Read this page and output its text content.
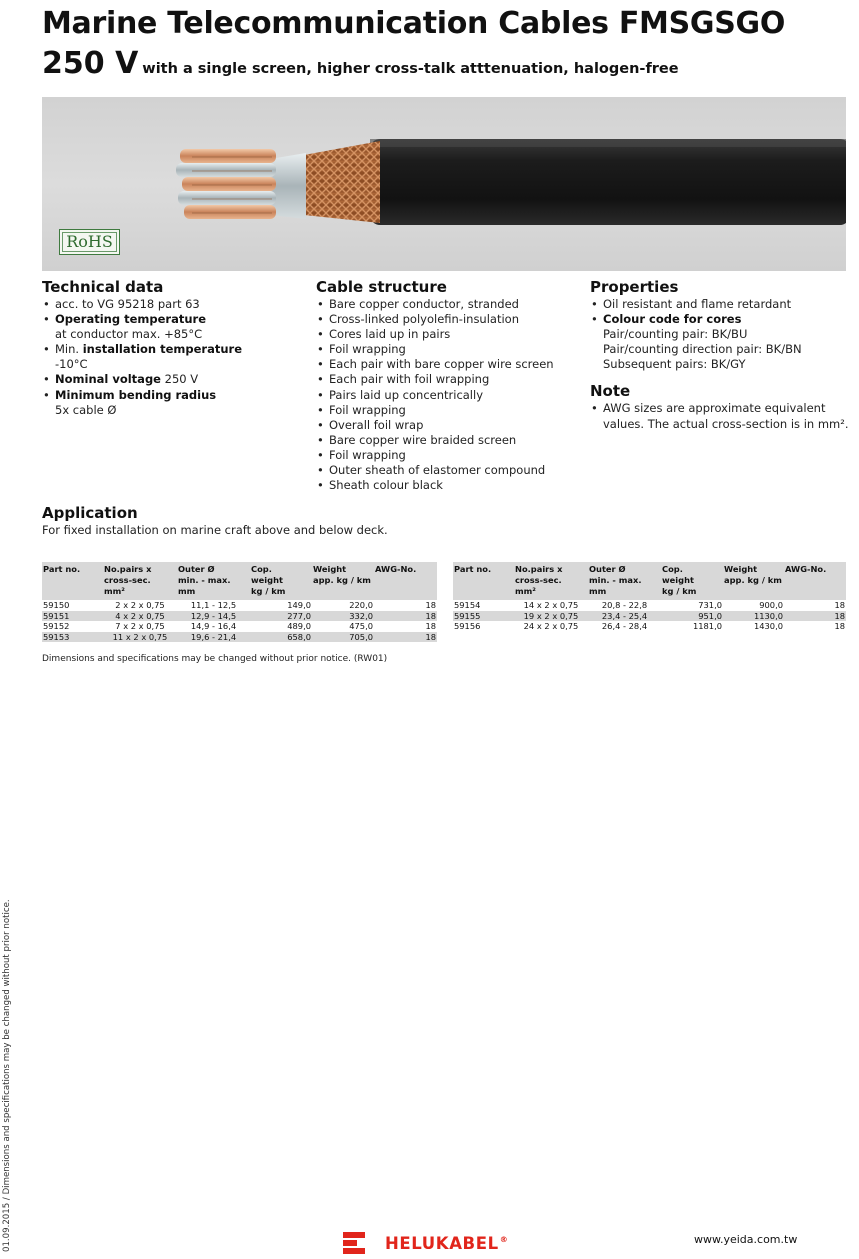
Marine Telecommunication Cables FMSGSGO
250 V with a single screen, higher cross-talk atttenuation, halogen-free
RoHS
Technical data
• acc. to VG 95218 part 63
• Operating temperature
at conductor max. +85°C
• Min. installation temperature
-10°C
• Nominal voltage 250 V
• Minimum bending radius
5x cable Ø
Cable structure
• Bare copper conductor, stranded
• Cross-linked polyolefin-insulation
• Cores laid up in pairs
• Foil wrapping
• Each pair with bare copper wire screen
• Each pair with foil wrapping
• Pairs laid up concentrically
• Foil wrapping
• Overall foil wrap
• Bare copper wire braided screen
• Foil wrapping
• Outer sheath of elastomer compound
• Sheath colour black
Properties
• Oil resistant and flame retardant
• Colour code for cores
Pair/counting pair: BK/BU
Pair/counting direction pair: BK/BN
Subsequent pairs: BK/GY
Note
• AWG sizes are approximate equivalent
values. The actual cross-section is in mm².
Application
For fixed installation on marine craft above and below deck.
Part no.	No.pairs x
cross-sec.
mm²	Outer Ø
min. - max.
mm	Cop.
weight
kg / km	Weight
app. kg / km	AWG-No.
59150	2 x 2 x 0,75	11,1 - 12,5	149,0	220,0	18
59151	4 x 2 x 0,75	12,9 - 14,5	277,0	332,0	18
59152	7 x 2 x 0,75	14,9 - 16,4	489,0	475,0	18
59153	11 x 2 x 0,75	19,6 - 21,4	658,0	705,0	18
Part no.	No.pairs x
cross-sec.
mm²	Outer Ø
min. - max.
mm	Cop.
weight
kg / km	Weight
app. kg / km	AWG-No.
59154	14 x 2 x 0,75	20,8 - 22,8	731,0	900,0	18
59155	19 x 2 x 0,75	23,4 - 25,4	951,0	1130,0	18
59156	24 x 2 x 0,75	26,4 - 28,4	1181,0	1430,0	18
Dimensions and specifications may be changed without prior notice. (RW01)
01.09.2015 / Dimensions and specifications may be changed without prior notice.	HELUKABEL®	www.yeida.com.tw
